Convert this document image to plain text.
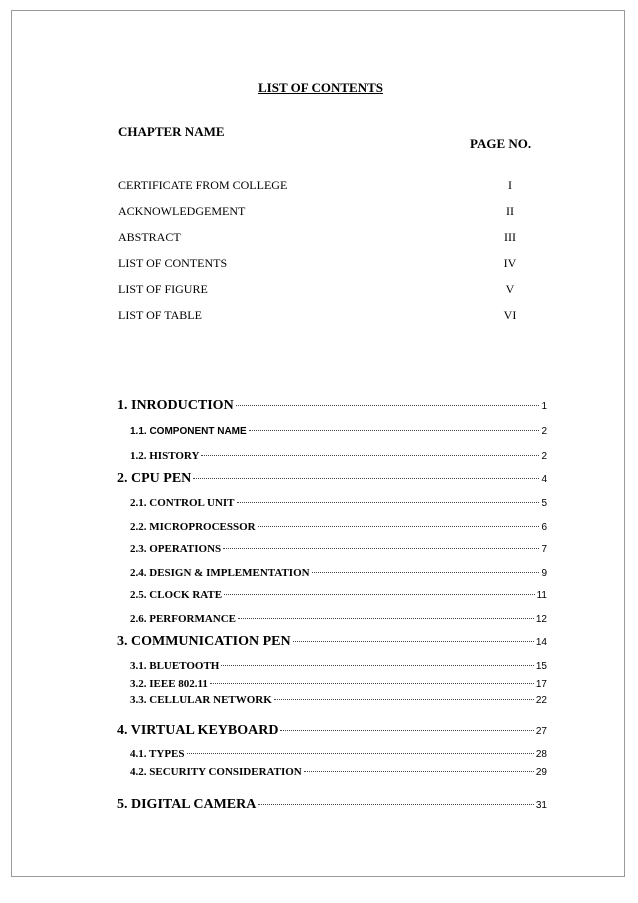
LIST OF CONTENTS
CHAPTER NAME
PAGE NO.
CERTIFICATE FROM COLLEGE	I
ACKNOWLEDGEMENT	II
ABSTRACT	III
LIST OF CONTENTS	IV
LIST OF FIGURE	V
LIST OF TABLE	VI
1. INRODUCTION	1
1.1. COMPONENT NAME	2
1.2. HISTORY	2
2. CPU PEN	4
2.1. CONTROL UNIT	5
2.2. MICROPROCESSOR	6
2.3. OPERATIONS	7
2.4. DESIGN & IMPLEMENTATION	9
2.5. CLOCK RATE	11
2.6. PERFORMANCE	12
3. COMMUNICATION PEN	14
3.1. BLUETOOTH	15
3.2. IEEE 802.11	17
3.3. CELLULAR NETWORK	22
4. VIRTUAL KEYBOARD	27
4.1. TYPES	28
4.2. SECURITY CONSIDERATION	29
5. DIGITAL CAMERA	31
